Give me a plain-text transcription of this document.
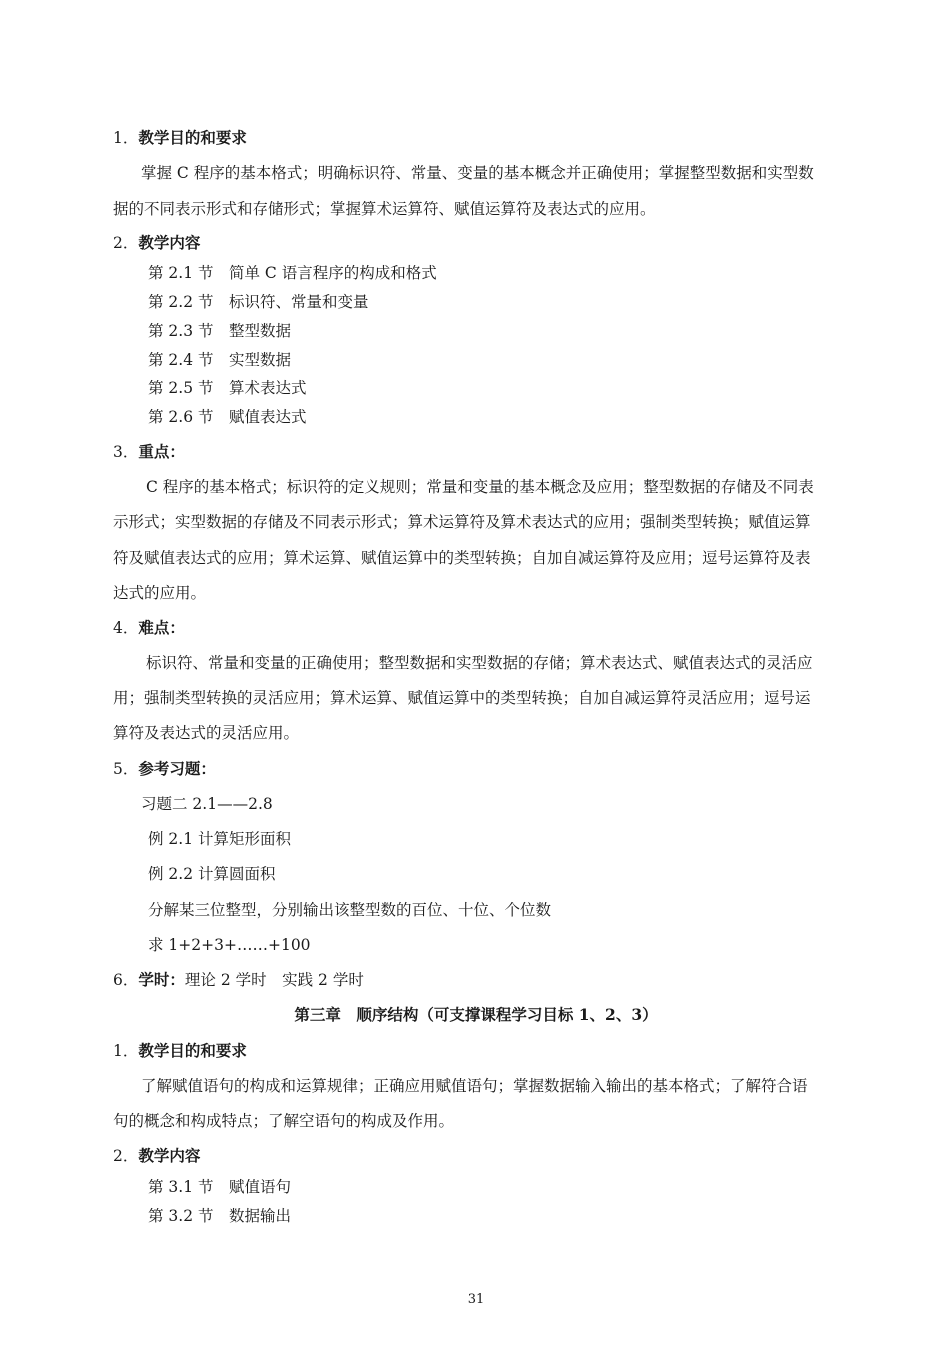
1．教学目的和要求
掌握 C 程序的基本格式；明确标识符、常量、变量的基本概念并正确使用；掌握整型数据和实型数
据的不同表示形式和存储形式；掌握算术运算符、赋值运算符及表达式的应用。
2．教学内容
第 2.1 节　简单 C 语言程序的构成和格式
第 2.2 节　标识符、常量和变量
第 2.3 节　整型数据
第 2.4 节　实型数据
第 2.5 节　算术表达式
第 2.6 节　赋值表达式
3．重点：
C 程序的基本格式；标识符的定义规则；常量和变量的基本概念及应用；整型数据的存储及不同表
示形式；实型数据的存储及不同表示形式；算术运算符及算术表达式的应用；强制类型转换；赋值运算
符及赋值表达式的应用；算术运算、赋值运算中的类型转换；自加自减运算符及应用；逗号运算符及表
达式的应用。
4．难点：
标识符、常量和变量的正确使用；整型数据和实型数据的存储；算术表达式、赋值表达式的灵活应
用；强制类型转换的灵活应用；算术运算、赋值运算中的类型转换；自加自减运算符灵活应用；逗号运
算符及表达式的灵活应用。
5．参考习题：
习题二 2.1——2.8
例 2.1 计算矩形面积
例 2.2 计算圆面积
分解某三位整型，分别输出该整型数的百位、十位、个位数
求 1+2+3+……+100
6．学时：理论 2 学时　实践 2 学时
第三章　顺序结构（可支撑课程学习目标 1、2、3）
1．教学目的和要求
了解赋值语句的构成和运算规律；正确应用赋值语句；掌握数据输入输出的基本格式；了解符合语
句的概念和构成特点；了解空语句的构成及作用。
2．教学内容
第 3.1 节　赋值语句
第 3.2 节　数据输出
31
